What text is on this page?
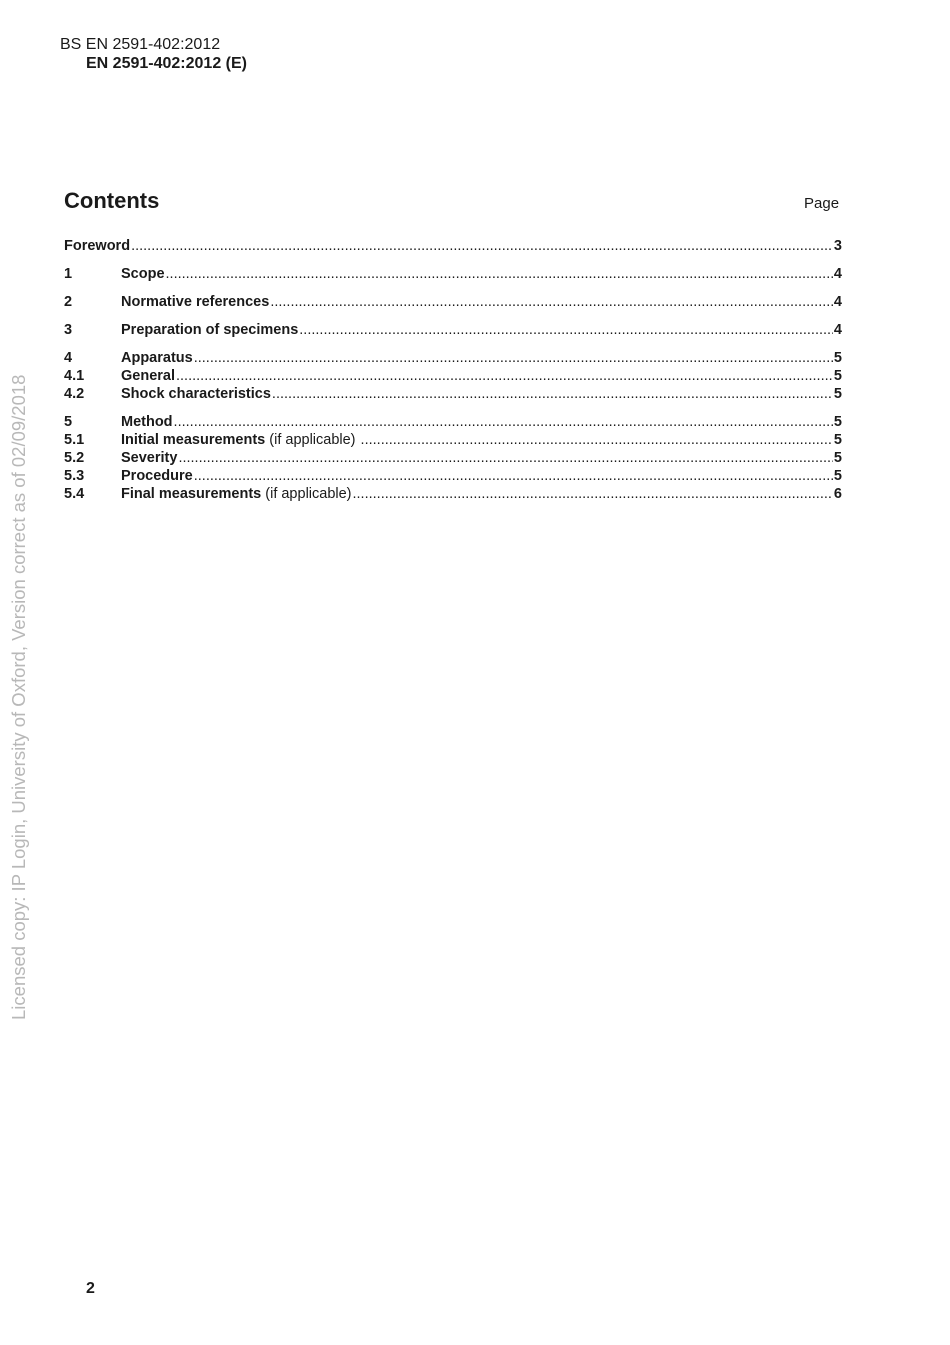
BS EN 2591-402:2012
EN 2591-402:2012 (E)
Contents	Page
Foreword .....	3
1	Scope .....	4
2	Normative references .....	4
3	Preparation of specimens .....	4
4	Apparatus .....	5
4.1	General .....	5
4.2	Shock characteristics .....	5
5	Method .....	5
5.1	Initial measurements (if applicable) .....	5
5.2	Severity .....	5
5.3	Procedure .....	5
5.4	Final measurements (if applicable) .....	6
Licensed copy: IP Login, University of Oxford, Version correct as of 02/09/2018
2
